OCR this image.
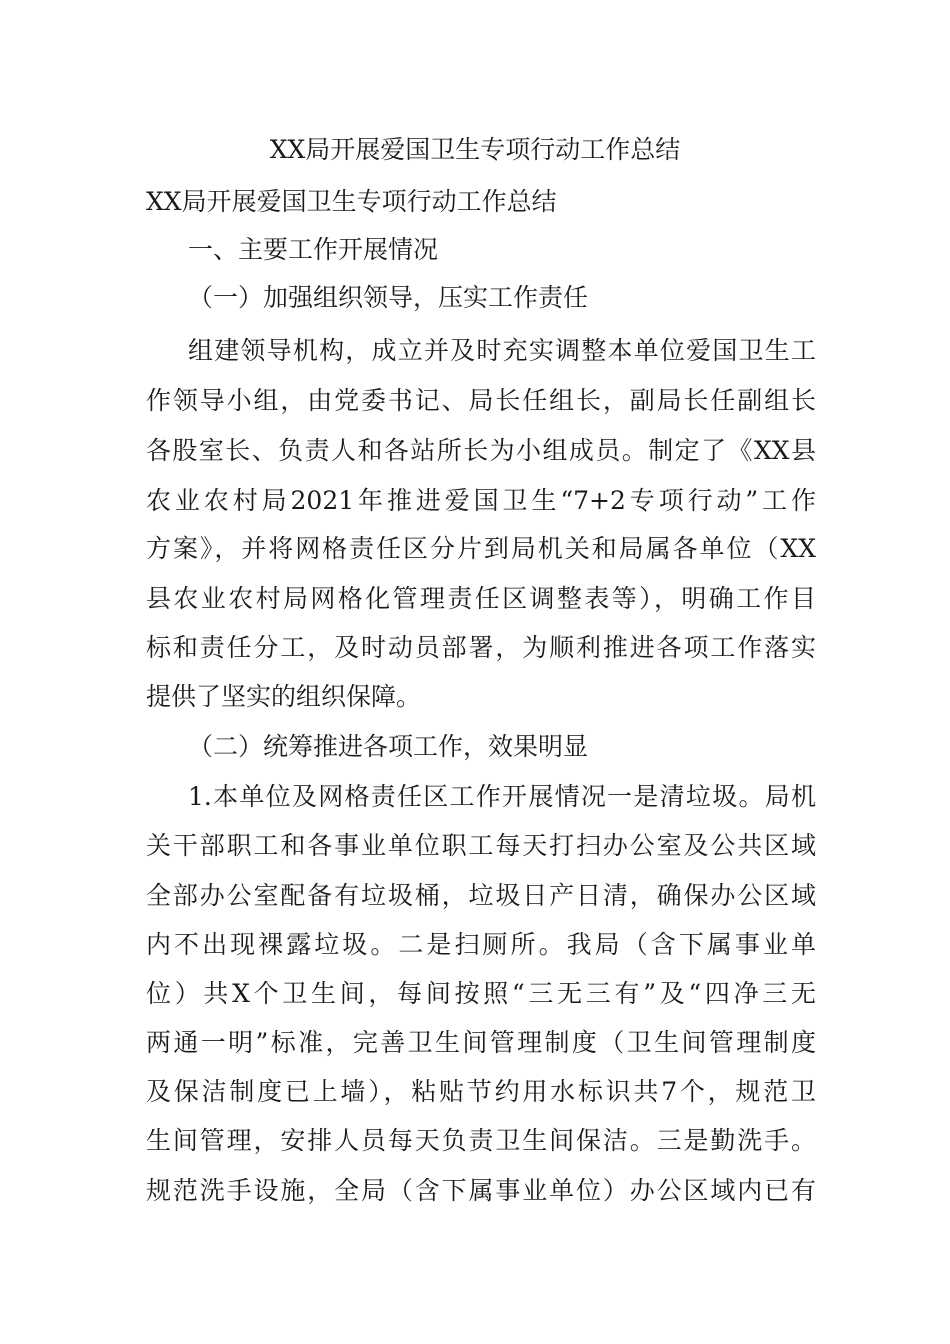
XX局开展爱国卫生专项行动工作总结
XX局开展爱国卫生专项行动工作总结
一、主要工作开展情况
（一）加强组织领导，压实工作责任
组建领导机构，成立并及时充实调整本单位爱国卫生工
作领导小组，由党委书记、局长任组长，副局长任副组长
各股室长、负责人和各站所长为小组成员。制定了《XX县
农业农村局2021年推进爱国卫生“7+2专项行动”工作
方案》，并将网格责任区分片到局机关和局属各单位（XX
县农业农村局网格化管理责任区调整表等），明确工作目
标和责任分工，及时动员部署，为顺利推进各项工作落实
提供了坚实的组织保障。
（二）统筹推进各项工作，效果明显
1.本单位及网格责任区工作开展情况一是清垃圾。局机
关干部职工和各事业单位职工每天打扫办公室及公共区域
全部办公室配备有垃圾桶，垃圾日产日清，确保办公区域
内不出现裸露垃圾。二是扫厕所。我局（含下属事业单
位）共X个卫生间，每间按照“三无三有”及“四净三无
两通一明”标准，完善卫生间管理制度（卫生间管理制度
及保洁制度已上墙），粘贴节约用水标识共7个，规范卫
生间管理，安排人员每天负责卫生间保洁。三是勤洗手。
规范洗手设施，全局（含下属事业单位）办公区域内已有
